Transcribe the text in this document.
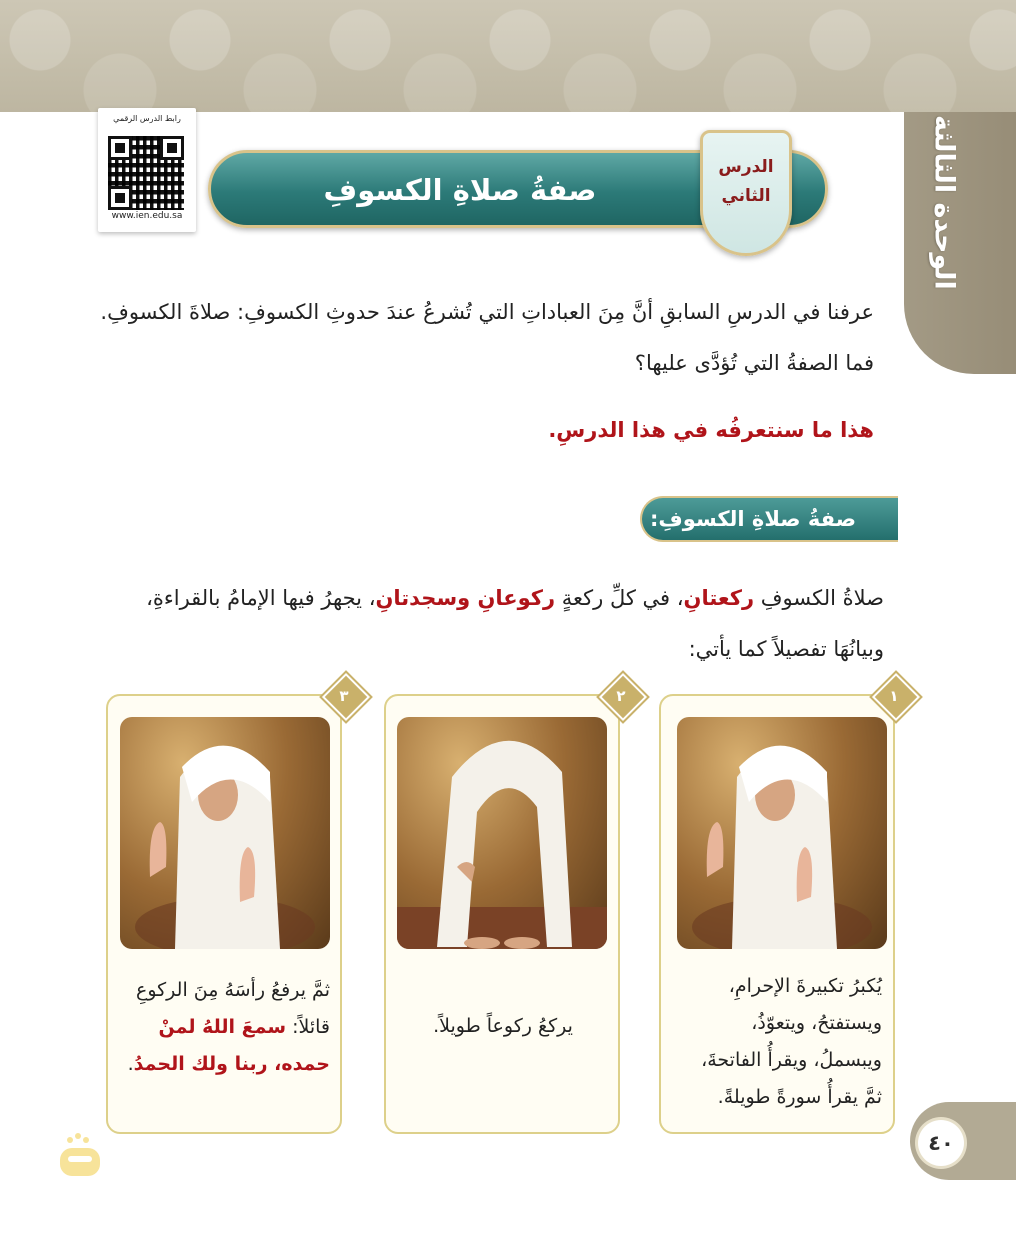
الوحدة الثالثة
رابط الدرس الرقمي
www.ien.edu.sa
صفةُ صلاةِ الكسوفِ
الدرس
الثاني
عرفنا في الدرسِ السابقِ أنَّ مِنَ العباداتِ التي تُشرعُ عندَ حدوثِ الكسوفِ: صلاةَ الكسوفِ.
فما الصفةُ التي تُؤدَّى عليها؟
هذا ما سنتعرفُه في هذا الدرسِ.
صفةُ صلاةِ الكسوفِ:
صلاةُ الكسوفِ ركعتانِ، في كلِّ ركعةٍ ركوعانِ وسجدتانِ، يجهرُ فيها الإمامُ بالقراءةِ،
وبيانُهَا تفصيلاً كما يأتي:
١
يُكبرُ تكبيرةَ الإحرامِ،
ويستفتحُ، ويتعوّذُ،
ويبسملُ، ويقرأُ الفاتحةَ،
ثمَّ يقرأُ سورةً طويلةً.
٢
يركعُ ركوعاً طويلاً.
٣
ثمَّ يرفعُ رأسَهُ مِنَ الركوعِ
قائلاً: سمعَ اللهُ لمنْ
حمده، ربنا ولك الحمدُ.
٤٠
